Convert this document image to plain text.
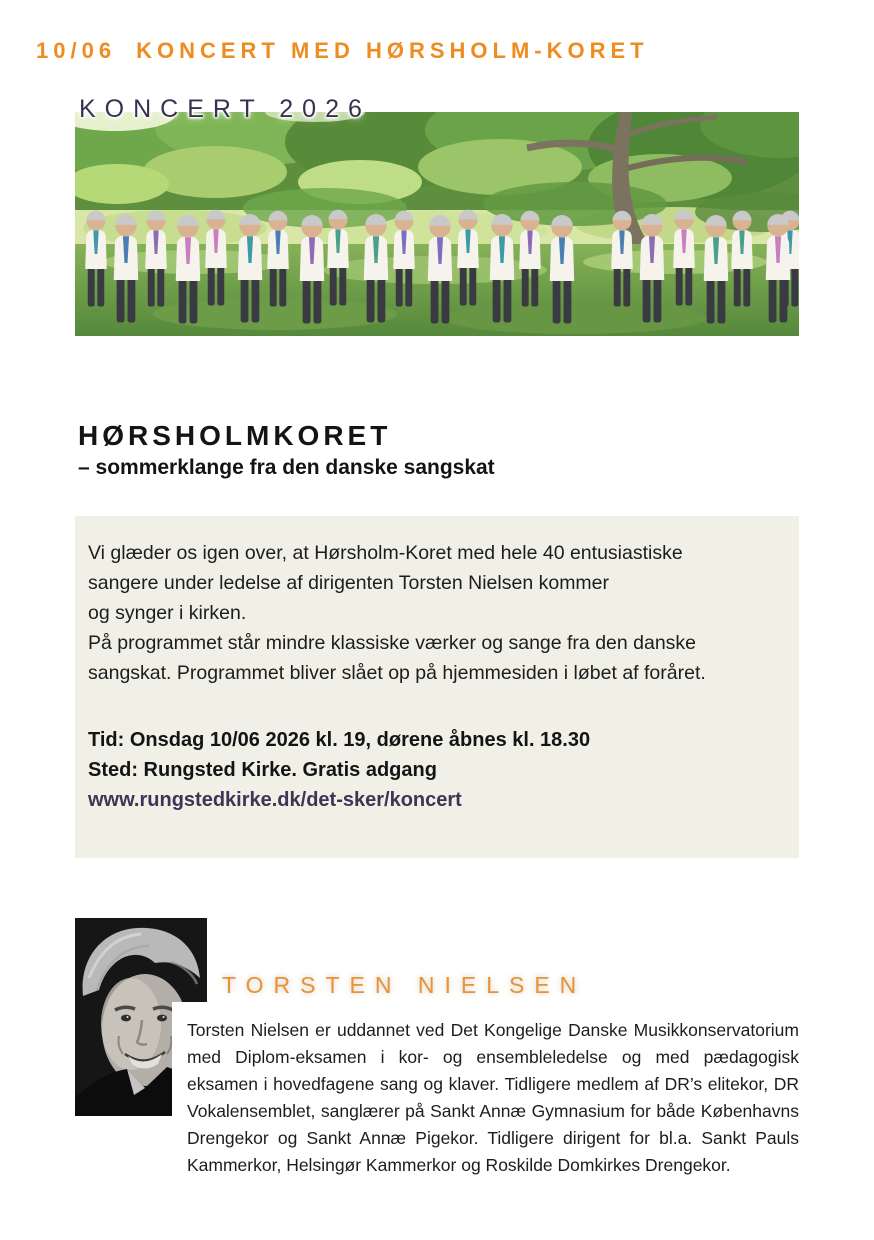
10/06 KONCERT MED HØRSHOLM-KORET
KONCERT 2026
HØRSHOLMKORET
– sommerklange fra den danske sangskat
Vi glæder os igen over, at Hørsholm-Koret med hele 40 entusiastiske
sangere under ledelse af dirigenten Torsten Nielsen kommer
og synger i kirken.
På programmet står mindre klassiske værker og sange fra den danske
sangskat. Programmet bliver slået op på hjemmesiden i løbet af foråret.
Tid: Onsdag 10/06 2026 kl. 19, dørene åbnes kl. 18.30
Sted: Rungsted Kirke. Gratis adgang
www.rungstedkirke.dk/det-sker/koncert
TORSTEN NIELSEN

Torsten Nielsen er uddannet ved Det Kongelige Danske Musikkonservatorium med Diplom-eksamen i kor- og ensembleledelse og med pædagogisk eksamen i hovedfagene sang og klaver. Tidligere medlem af DR’s elitekor, DR Vokalensemblet, sanglærer på Sankt Annæ Gymnasium for både Københavns Drengekor og Sankt Annæ Pigekor. Tidligere dirigent for bl.a. Sankt Pauls Kammerkor, Helsingør Kammerkor og Roskilde Domkirkes Drengekor.
